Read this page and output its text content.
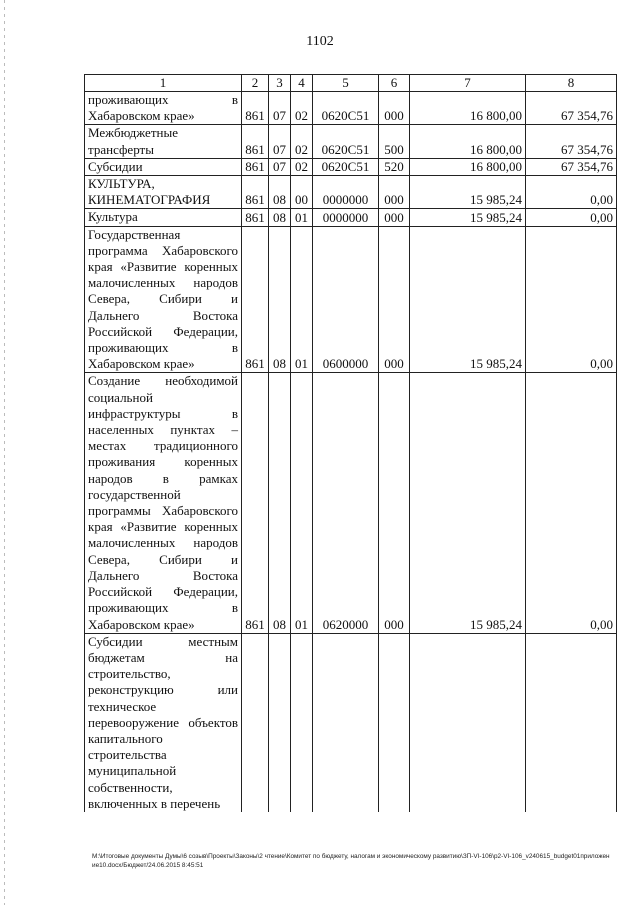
1102
1	2	3	4	5	6	7	8
проживающих в Хабаровском крае»	861	07	02	0620С51	000	16 800,00	67 354,76
Межбюджетные трансферты	861	07	02	0620С51	500	16 800,00	67 354,76
Субсидии	861	07	02	0620С51	520	16 800,00	67 354,76
КУЛЬТУРА, КИНЕМАТОГРАФИЯ	861	08	00	0000000	000	15 985,24	0,00
Культура	861	08	01	0000000	000	15 985,24	0,00
Государственная программа Хабаровского края «Развитие коренных малочисленных народов Севера, Сибири и Дальнего Востока Российской Федерации, проживающих в Хабаровском крае»	861	08	01	0600000	000	15 985,24	0,00
Создание необходимой социальной инфраструктуры в населенных пунктах – местах традиционного проживания коренных народов в рамках государственной программы Хабаровского края «Развитие коренных малочисленных народов Севера, Сибири и Дальнего Востока Российской Федерации, проживающих в Хабаровском крае»	861	08	01	0620000	000	15 985,24	0,00
Субсидии местным бюджетам на строительство, реконструкцию или техническое перевооружение объектов капитального строительства муниципальной собственности, включенных в перечень							
M:\Итоговые документы Думы\6 созыв\Проекты\Законы\2 чтение\Комитет по бюджету, налогам и экономическому развитию\ЗП-VI-106\р2-VI-106_v240615_budget01приложение10.docx/Бюджет/24.06.2015 8:45:51
